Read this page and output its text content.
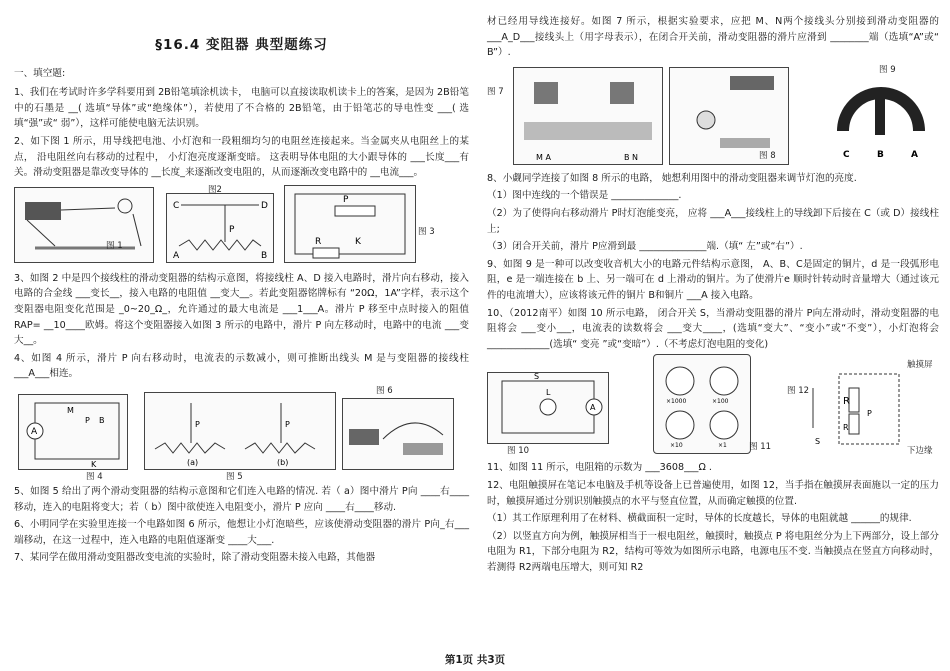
§16.4 变阻器 典型题练习
一、填空题:
1、我们在考试时许多学科要用到 2B铅笔填涂机读卡， 电脑可以直接读取机读卡上的答案，是因为 2B铅笔中的石墨是 __( 选填“导体”或“绝缘体”），若使用了不合格的 2B铅笔，由于铅笔芯的导电性变 ___( 选填“强”或“ 弱”），这样可能使电脑无法识别。
2、如下图 1 所示，用导线把电池、小灯泡和一段粗细均匀的电阻丝连接起来。当金属夹从电阻丝上的某点， 沿电阻丝向右移动的过程中， 小灯泡亮度逐渐变暗。 这表明导体电阻的大小跟导体的 ___长度___有关。滑动变阻器是靠改变导体的 __长度_来逐渐改变电阻的，从而逐渐改变电路中的 __电流___。
图 1
C	D
P
A	B
图2
P
R	K
图 3
3、如图 2 中是四个接线柱的滑动变阻器的结构示意图，将接线柱 A、D 接入电路时，滑片向右移动，接入电路的合金线 ___变长__，接入电路的电阻值 __变大__。若此变阻器铭牌标有 “20Ω，1A”字样，表示这个变阻器电阻变化范围是 _0~20_Ω_，允许通过的最大电流是 ___1___A。滑片 P 移至中点时接入的阻值 RAP= __10____欧姆。将这个变阻器接入如图 3 所示的电路中，滑片 P 向左移动时，电路中的电流 ___变大__。
4、如图 4 所示，滑片 P 向右移动时，电流表的示数减小，则可推断出线头 M 是与变阻器的接线柱 ___A___相连。
A
M
P B
K
图 4
P	P
(a)	(b)
图 5
图 6
5、如图 5 给出了两个滑动变阻器的结构示意图和它们连入电路的情况. 若（ a）图中滑片 P向 ____右____移动，连入的电阻将变大；若（ b）图中欲使连入电阻变小，滑片 P 应向 ____右____移动.
6、小明同学在实验里连接一个电路如图 6 所示，他想让小灯泡暗些，应该使滑动变阻器的滑片 P向_右___端移动，在这一过程中，连入电路的电阻值逐渐变 ____大___.
7、某同学在做用滑动变阻器改变电流的实验时，除了滑动变阻器未接入电路，其他器
材已经用导线连接好。如图 7 所示，根据实验要求，应把 M、N两个接线头分别接到滑动变阻器的 ___A_D___接线头上（用字母表示），在闭合开关前，滑动变阻器的滑片应滑到 ________端（选填“A”或“ B”）.
图 7
M A	B N	图 8
图 9
C	B	A
8、小觑同学连接了如图 8 所示的电路， 她想利用图中的滑动变阻器来调节灯泡的亮度.
（1）图中连线的一个错误是 ______________.
（2）为了使得向右移动滑片 P时灯泡能变亮， 应将 ___A___接线柱上的导线卸下后接在 C（或 D）接线柱上;
（3）闭合开关前，滑片 P应滑到最 ______________端.（填“ 左”或“右”）.
9、如图 9 是一种可以改变收音机大小的电路元件结构示意图， A、B、C是固定的铜片，d 是一段弧形电阻，e 是一端连接在 b 上、另一端可在 d 上滑动的铜片。为了使滑片e 顺时针转动时音量增大（通过该元件的电流增大），应该将该元件的铜片 B和铜片 ___A 接入电路。
10、（2012南平）如图 10 所示电路， 闭合开关 S，当滑动变阻器的滑片 P向左滑动时，滑动变阻器的电阻将会 ___变小___，电流表的读数将会 ___变大____，(选填“变大”、“变小”或“不变”），小灯泡将会 _____________(选填“ 变亮 ”或“变暗”）.（不考虑灯泡电阻的变化)
A
L
S
图 10
×1000	×100
×10	×1	图 11
图 12
触摸屏
R
R
P
S
下边缘
11、如图 11 所示，电阻箱的示数为 ___3608___Ω .
12、电阻触摸屏在笔记本电脑及手机等设备上已普遍使用，如图 12，当手指在触摸屏表面施以一定的压力时，触摸屏通过分别识别触摸点的水平与竖直位置，从而确定触摸的位置.
（1）其工作原理利用了在材料、横截面积一定时，导体的长度越长，导体的电阻就越 ______的规律.
（2）以竖直方向为例，触摸屏相当于一根电阻丝，触摸时，触摸点 P 将电阻丝分为上下两部分，设上部分电阻为 R1，下部分电阻为 R2，结构可等效为如图所示电路，电源电压不变. 当触摸点在竖直方向移动时，若测得 R2两端电压增大，则可知 R2
第1页 共3页
